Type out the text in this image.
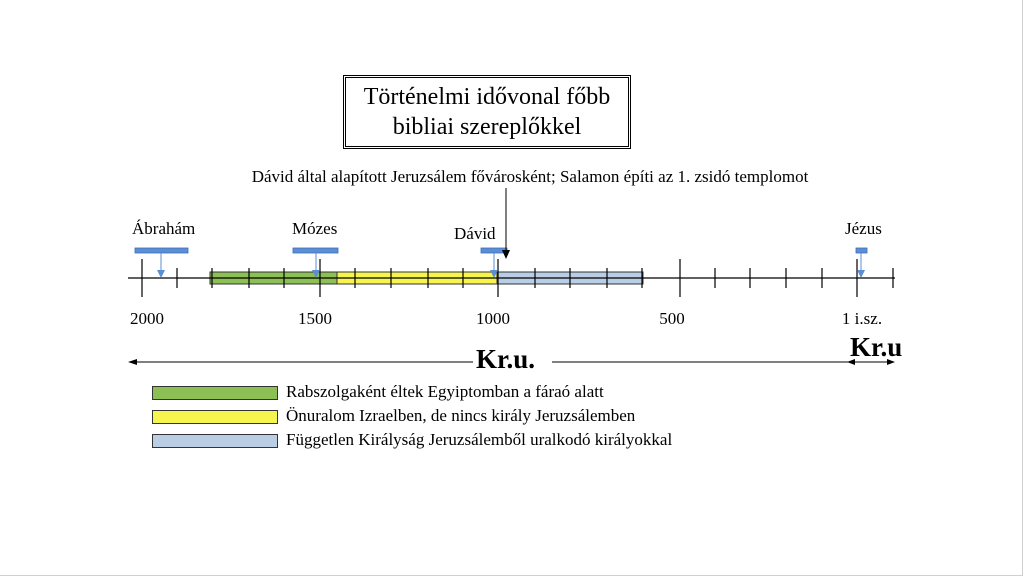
Történelmi idővonal főbb
bibliai szereplőkkel
Dávid által alapított Jeruzsálem fővárosként; Salamon építi az 1. zsidó templomot
Ábrahám	Mózes	Dávid	Jézus
2000	1500	1000	500	1 i.sz.
Kr.u.	Kr.u
Rabszolgaként éltek Egyiptomban a fáraó alatt
Önuralom Izraelben, de nincs király Jeruzsálemben
Független Királyság Jeruzsálemből uralkodó királyokkal
